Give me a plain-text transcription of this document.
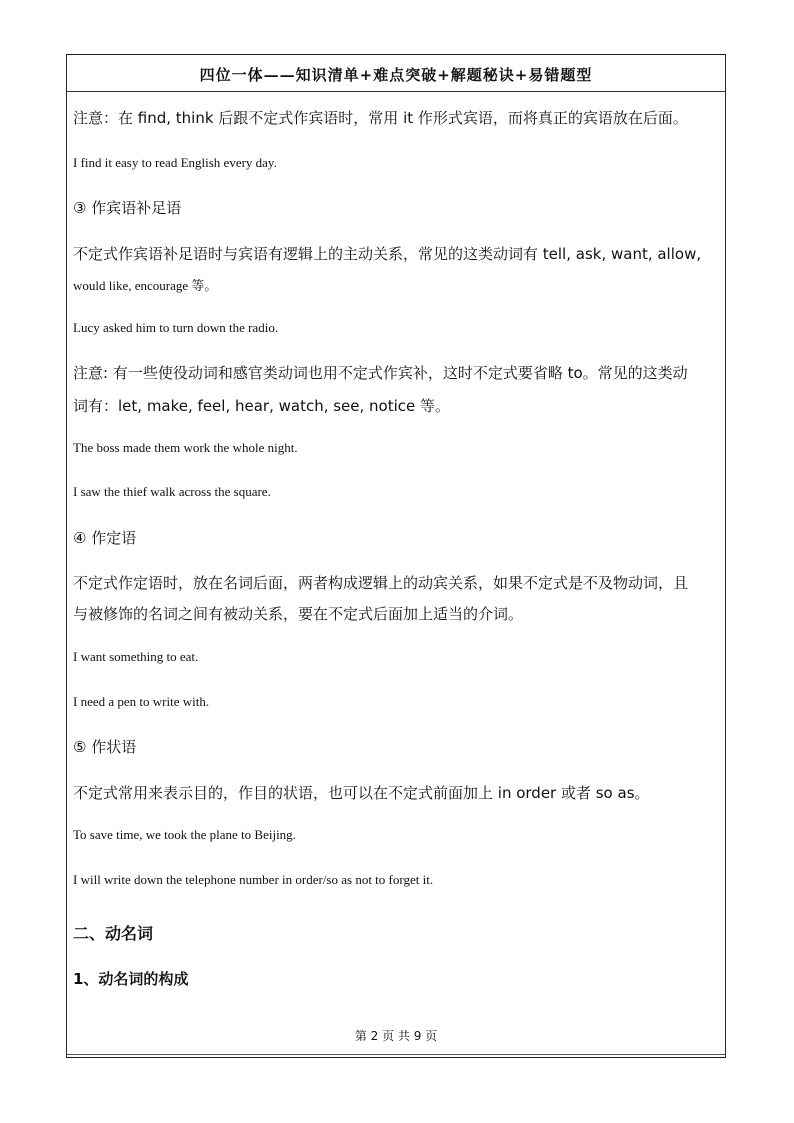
四位一体——知识清单+难点突破+解题秘诀+易错题型
注意：在 find, think 后跟不定式作宾语时，常用 it 作形式宾语，而将真正的宾语放在后面。
I find it easy to read English every day.
③ 作宾语补足语
不定式作宾语补足语时与宾语有逻辑上的主动关系，常见的这类动词有 tell, ask, want, allow,
would like, encourage 等。
Lucy asked him to turn down the radio.
注意: 有一些使役动词和感官类动词也用不定式作宾补，这时不定式要省略 to。常见的这类动
词有：let, make, feel, hear, watch, see, notice 等。
The boss made them work the whole night.
I saw the thief walk across the square.
④ 作定语
不定式作定语时，放在名词后面，两者构成逻辑上的动宾关系，如果不定式是不及物动词，且
与被修饰的名词之间有被动关系，要在不定式后面加上适当的介词。
I want something to eat.
I need a pen to write with.
⑤ 作状语
不定式常用来表示目的，作目的状语，也可以在不定式前面加上 in order 或者 so as。
To save time, we took the plane to Beijing.
I will write down the telephone number in order/so as not to forget it.
二、动名词
1、动名词的构成
第 2 页 共 9 页
